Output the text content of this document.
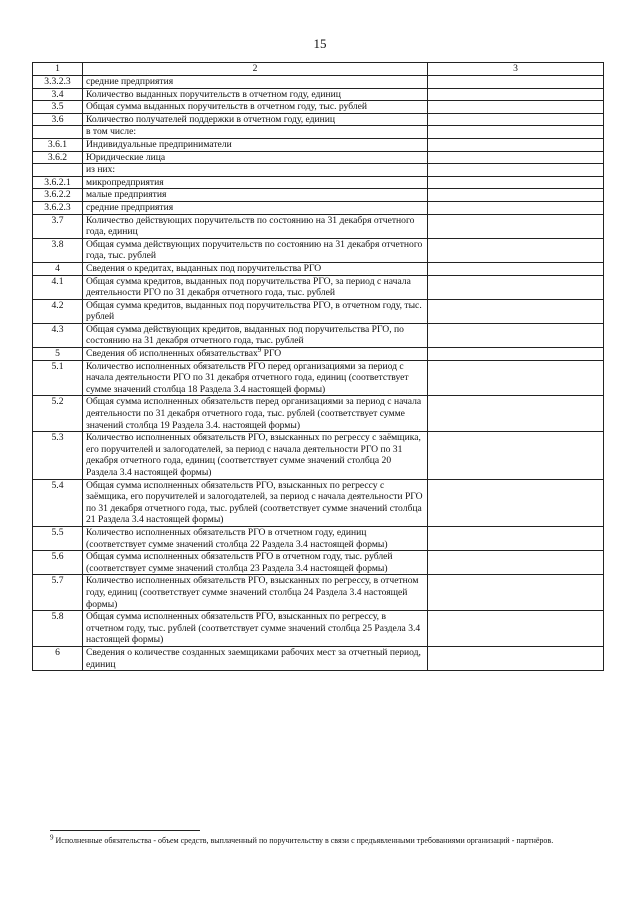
15
1	2	3
3.3.2.3	средние предприятия	
3.4	Количество выданных поручительств в отчетном году, единиц	
3.5	Общая сумма выданных поручительств в отчетном году, тыс. рублей	
3.6	Количество получателей поддержки в отчетном году, единиц	
	в том числе:	
3.6.1	Индивидуальные предприниматели	
3.6.2	Юридические лица	
	из них:	
3.6.2.1	микропредприятия	
3.6.2.2	малые предприятия	
3.6.2.3	средние предприятия	
3.7	Количество действующих поручительств по состоянию на 31 декабря отчетного года, единиц	
3.8	Общая сумма действующих поручительств по состоянию на 31 декабря отчетного года, тыс. рублей	
4	Сведения о кредитах, выданных под поручительства РГО	
4.1	Общая сумма кредитов, выданных под поручительства РГО, за период с начала деятельности РГО по 31 декабря отчетного года, тыс. рублей	
4.2	Общая сумма кредитов, выданных под поручительства РГО, в отчетном году, тыс. рублей	
4.3	Общая сумма действующих кредитов, выданных под поручительства РГО, по состоянию на 31 декабря отчетного года, тыс. рублей	
5	Сведения об исполненных обязательствах$^9$ РГО	
5.1	Количество исполненных обязательств РГО перед организациями за период с начала деятельности РГО по 31 декабря отчетного года, единиц (соответствует сумме значений столбца 18 Раздела 3.4 настоящей формы)	
5.2	Общая сумма исполненных обязательств перед организациями за период с начала деятельности по 31 декабря отчетного года, тыс. рублей (соответствует сумме значений столбца 19 Раздела 3.4. настоящей формы)	
5.3	Количество исполненных обязательств РГО, взысканных по регрессу с заёмщика, его поручителей и залогодателей, за период с начала деятельности РГО по 31 декабря отчетного года, единиц (соответствует сумме значений столбца 20 Раздела 3.4 настоящей формы)	
5.4	Общая сумма исполненных обязательств РГО, взысканных по регрессу с заёмщика, его поручителей и залогодателей, за период с начала деятельности РГО по 31 декабря отчетного года, тыс. рублей (соответствует сумме значений столбца 21 Раздела 3.4 настоящей формы)	
5.5	Количество исполненных обязательств РГО в отчетном году, единиц (соответствует сумме значений столбца 22 Раздела 3.4 настоящей формы)	
5.6	Общая сумма исполненных обязательств РГО в отчетном году, тыс. рублей (соответствует сумме значений столбца 23 Раздела 3.4 настоящей формы)	
5.7	Количество исполненных обязательств РГО, взысканных по регрессу, в отчетном году, единиц (соответствует сумме значений столбца 24 Раздела 3.4 настоящей формы)	
5.8	Общая сумма исполненных обязательств РГО, взысканных по регрессу, в отчетном году, тыс. рублей (соответствует сумме значений столбца 25 Раздела 3.4 настоящей формы)	
6	Сведения о количестве созданных заемщиками рабочих мест за отчетный период, единиц	
$^9$ Исполненные обязательства - объем средств, выплаченный по поручительству в связи с предъявленными требованиями организаций - партнёров.
